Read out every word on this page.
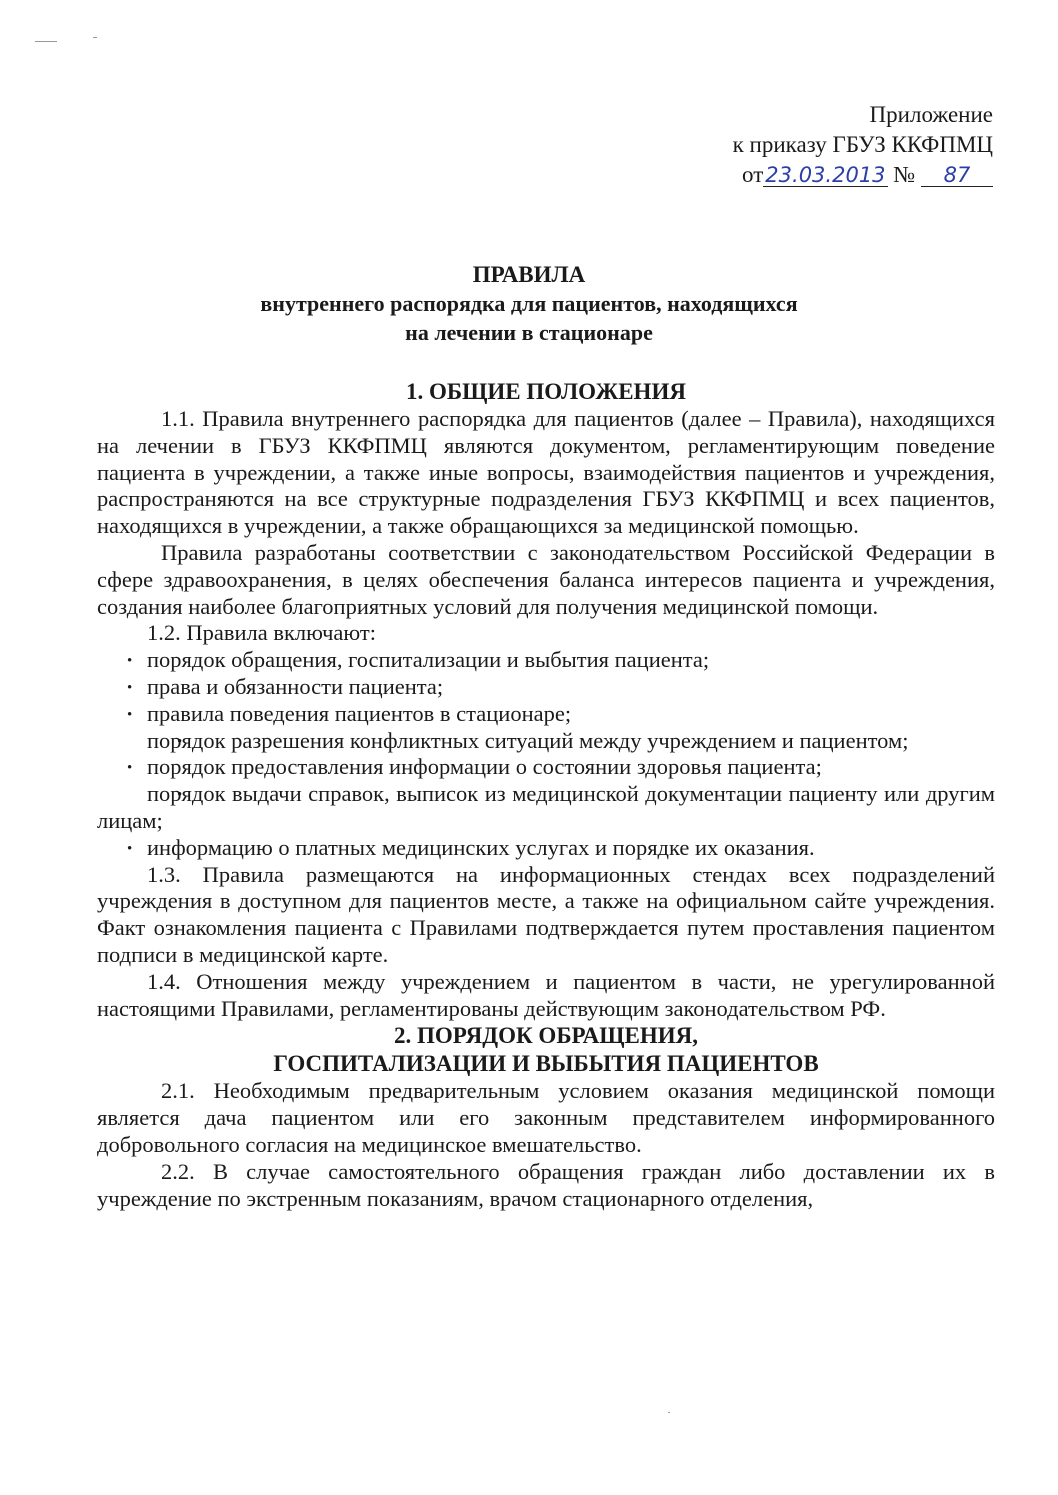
Приложение
к приказу ГБУЗ ККФПМЦ
от23.03.2013 № 87
ПРАВИЛА
внутреннего распорядка для пациентов, находящихся
на лечении в стационаре
1. ОБЩИЕ ПОЛОЖЕНИЯ

1.1. Правила внутреннего распорядка для пациентов (далее – Правила), находящихся на лечении в ГБУЗ ККФПМЦ являются документом, регламентирующим поведение пациента в учреждении, а также иные вопросы, взаимодействия пациентов и учреждения, распространяются на все структурные подразделения ГБУЗ ККФПМЦ и всех пациентов, находящихся в учреждении, а также обращающихся за медицинской помощью.

Правила разработаны соответствии с законодательством Российской Федерации в сфере здравоохранения, в целях обеспечения баланса интересов пациента и учреждения, создания наиболее благоприятных условий для получения медицинской помощи.

1.2. Правила включают:

• порядок обращения, госпитализации и выбытия пациента;

• права и обязанности пациента;

• правила поведения пациентов в стационаре;

• порядок разрешения конфликтных ситуаций между учреждением и пациентом;

• порядок предоставления информации о состоянии здоровья пациента;

• порядок выдачи справок, выписок из медицинской документации пациенту или другим лицам;

• информацию о платных медицинских услугах и порядке их оказания.

1.3. Правила размещаются на информационных стендах всех подразделений учреждения в доступном для пациентов месте, а также на официальном сайте учреждения. Факт ознакомления пациента с Правилами подтверждается путем проставления пациентом подписи в медицинской карте.

1.4. Отношения между учреждением и пациентом в части, не урегулированной настоящими Правилами, регламентированы действующим законодательством РФ.

2. ПОРЯДОК ОБРАЩЕНИЯ,
ГОСПИТАЛИЗАЦИИ И ВЫБЫТИЯ ПАЦИЕНТОВ

2.1. Необходимым предварительным условием оказания медицинской помощи является дача пациентом или его законным представителем информированного добровольного согласия на медицинское вмешательство.

2.2. В случае самостоятельного обращения граждан либо доставлении их в учреждение по экстренным показаниям, врачом стационарного отделения,
